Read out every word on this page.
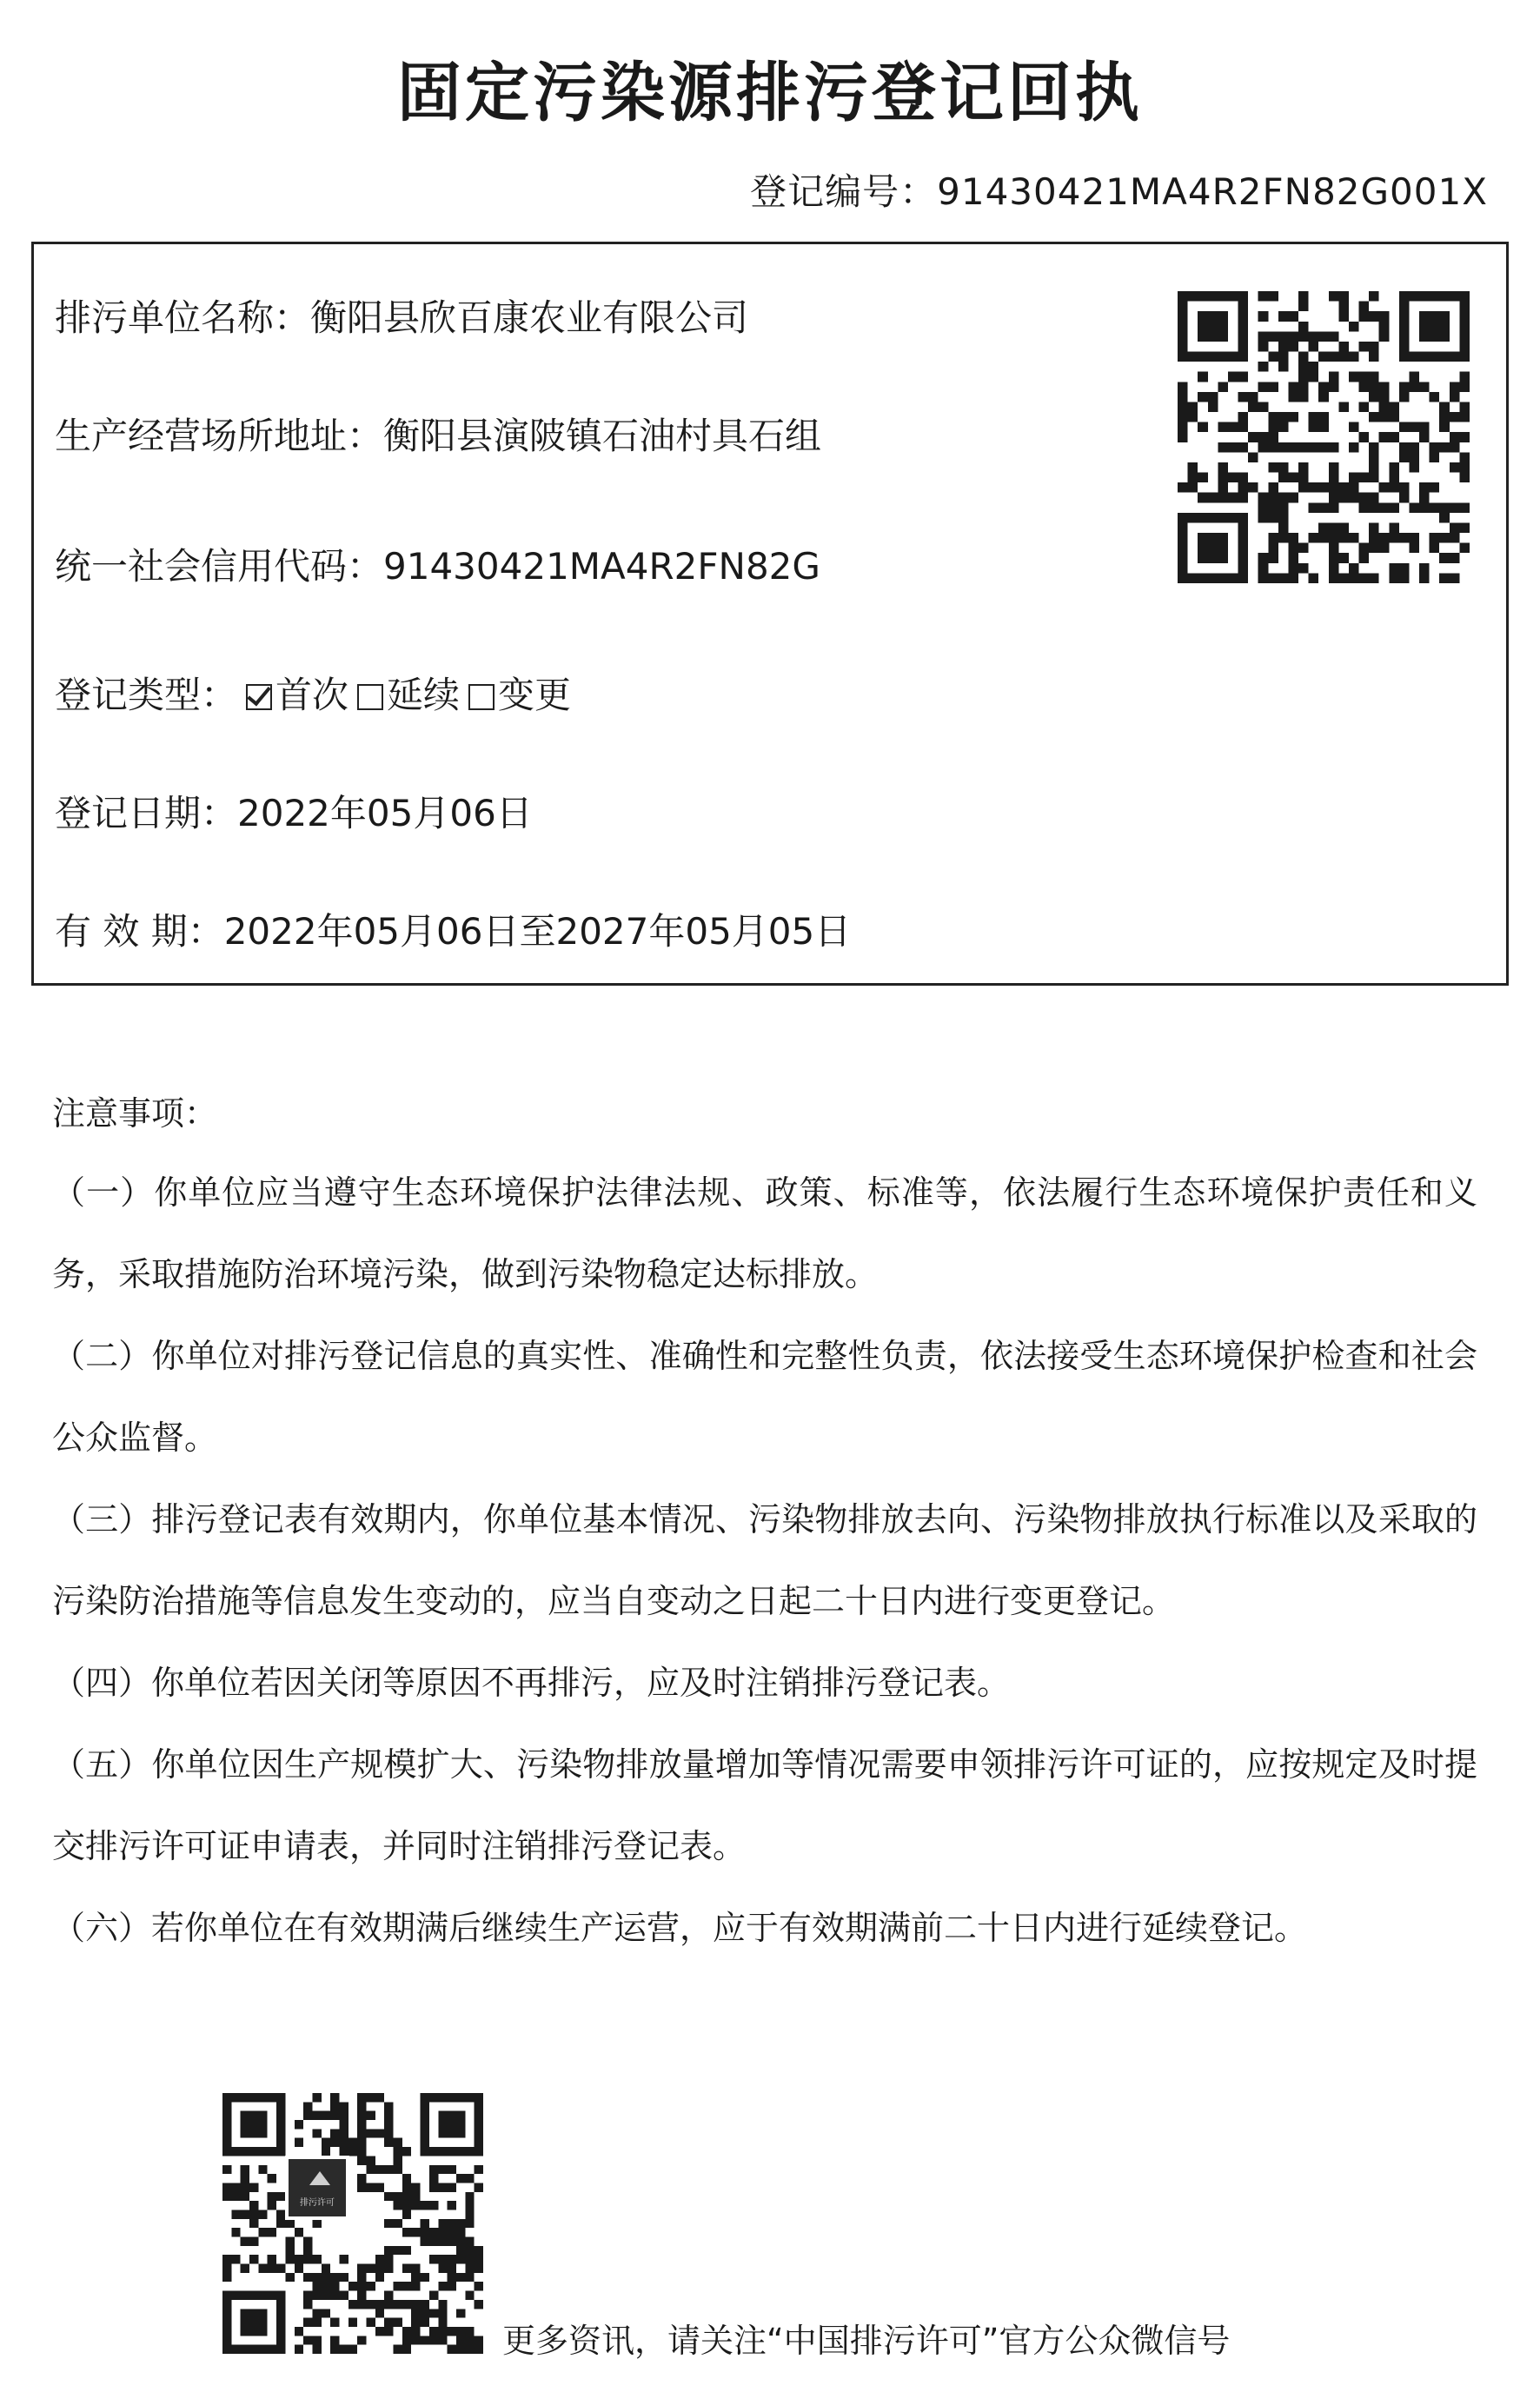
固定污染源排污登记回执
登记编号：91430421MA4R2FN82G001X
排污单位名称：衡阳县欣百康农业有限公司
生产经营场所地址：衡阳县演陂镇石油村具石组
统一社会信用代码：91430421MA4R2FN82G
登记类型： 首次 延续 变更
登记日期：2022年05月06日
有 效 期：2022年05月06日至2027年05月05日
注意事项：
（一）你单位应当遵守生态环境保护法律法规、政策、标准等，依法履行生态环境保护责任和义务，采取措施防治环境污染，做到污染物稳定达标排放。
（二）你单位对排污登记信息的真实性、准确性和完整性负责，依法接受生态环境保护检查和社会公众监督。
（三）排污登记表有效期内，你单位基本情况、污染物排放去向、污染物排放执行标准以及采取的污染防治措施等信息发生变动的，应当自变动之日起二十日内进行变更登记。
（四）你单位若因关闭等原因不再排污，应及时注销排污登记表。
（五）你单位因生产规模扩大、污染物排放量增加等情况需要申领排污许可证的，应按规定及时提交排污许可证申请表，并同时注销排污登记表。
（六）若你单位在有效期满后继续生产运营，应于有效期满前二十日内进行延续登记。
排污许可
更多资讯，请关注“中国排污许可”官方公众微信号
